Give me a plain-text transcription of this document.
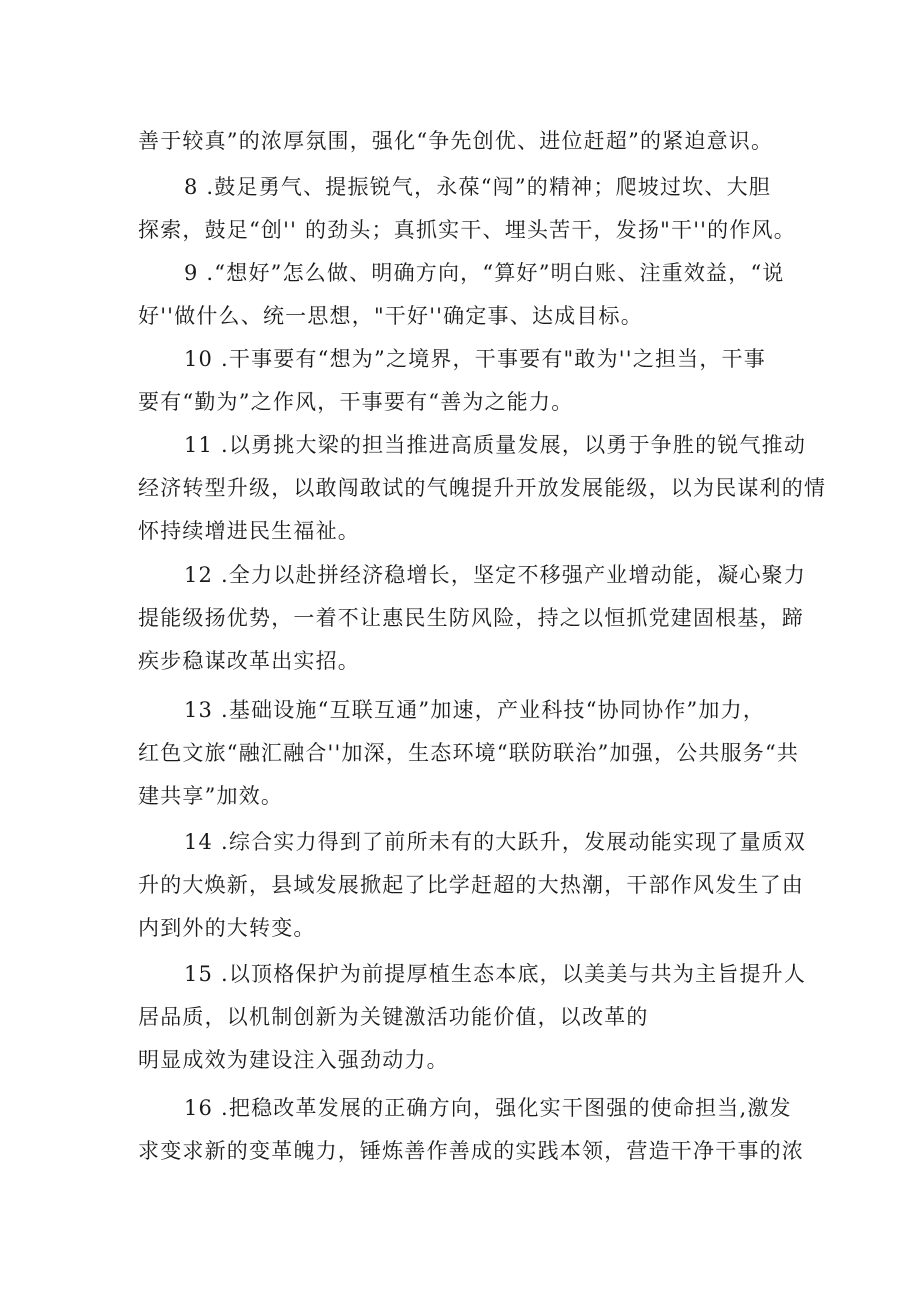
善于较真”的浓厚氛围，强化“争先创优、进位赶超”的紧迫意识。

8 .鼓足勇气、提振锐气，永葆“闯”的精神；爬坡过坎、大胆

探索，鼓足“创'' 的劲头；真抓实干、埋头苦干，发扬"干''的作风。

9 .“想好”怎么做、明确方向，“算好”明白账、注重效益，“说

好''做什么、统一思想，"干好''确定事、达成目标。

10 .干事要有“想为”之境界，干事要有"敢为''之担当，干事

要有“勤为”之作风，干事要有“善为之能力。

11 .以勇挑大梁的担当推进高质量发展，以勇于争胜的锐气推动

经济转型升级，以敢闯敢试的气魄提升开放发展能级，以为民谋利的情

怀持续增进民生福祉。

12 .全力以赴拼经济稳增长，坚定不移强产业增动能，凝心聚力

提能级扬优势，一着不让惠民生防风险，持之以恒抓党建固根基，蹄

疾步稳谋改革出实招。

13 .基础设施“互联互通”加速，产业科技“协同协作”加力，

红色文旅“融汇融合''加深，生态环境“联防联治”加强，公共服务“共

建共享”加效。

14 .综合实力得到了前所未有的大跃升，发展动能实现了量质双

升的大焕新，县域发展掀起了比学赶超的大热潮，干部作风发生了由

内到外的大转变。

15 .以顶格保护为前提厚植生态本底，以美美与共为主旨提升人

居品质，以机制创新为关键激活功能价值，以改革的

明显成效为建设注入强劲动力。

16 .把稳改革发展的正确方向，强化实干图强的使命担当,激发

求变求新的变革魄力，锤炼善作善成的实践本领，营造干净干事的浓
